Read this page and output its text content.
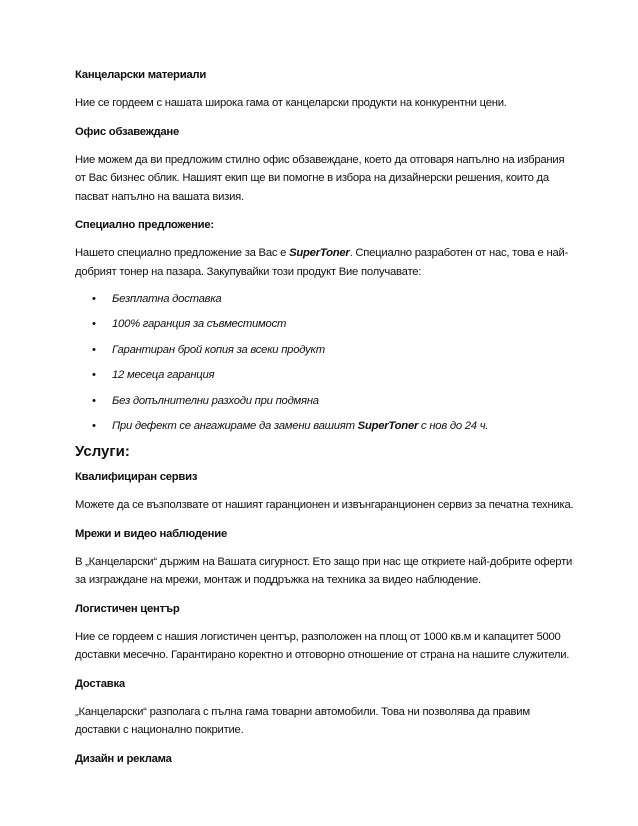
Канцеларски материали
Ние се гордеем с нашата широка гама от канцеларски продукти на конкурентни цени.
Офис обзавеждане
Ние можем да ви предложим стилно офис обзавеждане, което да отговаря напълно на избрания
от Вас бизнес облик. Нашият екип ще ви помогне в избора на дизайнерски решения, които да
пасват напълно на вашата визия.
Специално предложение:
Нашето специално предложение за Вас е SuperToner. Специално разработен от нас, това е най-
добрият тонер на пазара. Закупувайки този продукт Вие получавате:
• Безплатна доставка
• 100% гаранция за съвместимост
• Гарантиран брой копия за всеки продукт
• 12 месеца гаранция
• Без допълнителни разходи при подмяна
• При дефект се ангажираме да замени вашият SuperToner с нов до 24 ч.
Услуги:
Квалифициран сервиз
Можете да се възползвате от нашият гаранционен и извънгаранционен сервиз за печатна техника.
Мрежи и видео наблюдение
В „Канцеларски“ държим на Вашата сигурност. Ето защо при нас ще откриете най-добрите оферти
за изграждане на мрежи, монтаж и поддръжка на техника за видео наблюдение.
Логистичен център
Ние се гордеем с нашия логистичен център, разположен на площ от 1000 кв.м и капацитет 5000
доставки месечно. Гарантирано коректно и отговорно отношение от страна на нашите служители.
Доставка
„Канцеларски“ разполага с пълна гама товарни автомобили. Това ни позволява да правим
доставки с национално покритие.
Дизайн и реклама
